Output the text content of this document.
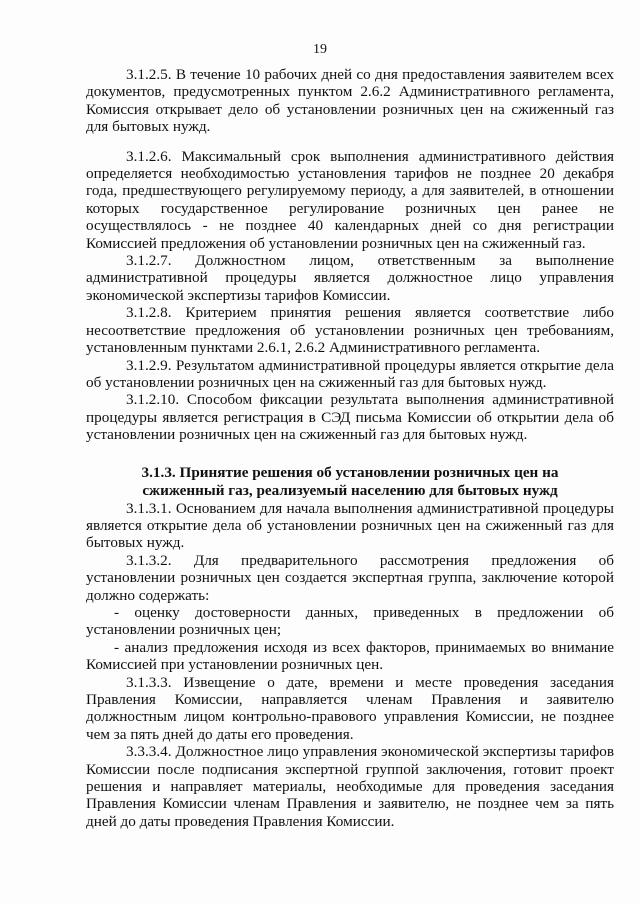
19

3.1.2.5. В течение 10 рабочих дней со дня предоставления заявителем всех документов, предусмотренных пунктом 2.6.2 Административного регламента, Комиссия открывает дело об установлении розничных цен на сжиженный газ для бытовых нужд.

3.1.2.6. Максимальный срок выполнения административного действия определяется необходимостью установления тарифов не позднее 20 декабря года, предшествующего регулируемому периоду, а для заявителей, в отношении которых государственное регулирование розничных цен ранее не осуществлялось - не позднее 40 календарных дней со дня регистрации Комиссией предложения об установлении розничных цен на сжиженный газ.

3.1.2.7. Должностном лицом, ответственным за выполнение административной процедуры является должностное лицо управления экономической экспертизы тарифов Комиссии.

3.1.2.8. Критерием принятия решения является соответствие либо несоответствие предложения об установлении розничных цен требованиям, установленным пунктами 2.6.1, 2.6.2 Административного регламента.

3.1.2.9. Результатом административной процедуры является открытие дела об установлении розничных цен на сжиженный газ для бытовых нужд.

3.1.2.10. Способом фиксации результата выполнения административной процедуры является регистрация в СЭД письма Комиссии об открытии дела об установлении розничных цен на сжиженный газ для бытовых нужд.

3.1.3. Принятие решения об установлении розничных цен на сжиженный газ, реализуемый населению для бытовых нужд

3.1.3.1. Основанием для начала выполнения административной процедуры является открытие дела об установлении розничных цен на сжиженный газ для бытовых нужд.

3.1.3.2. Для предварительного рассмотрения предложения об установлении розничных цен создается экспертная группа, заключение которой должно содержать:

- оценку достоверности данных, приведенных в предложении об установлении розничных цен;

- анализ предложения исходя из всех факторов, принимаемых во внимание Комиссией при установлении розничных цен.

3.1.3.3. Извещение о дате, времени и месте проведения заседания Правления Комиссии, направляется членам Правления и заявителю должностным лицом контрольно-правового управления Комиссии, не позднее чем за пять дней до даты его проведения.

3.3.3.4. Должностное лицо управления экономической экспертизы тарифов Комиссии после подписания экспертной группой заключения, готовит проект решения и направляет материалы, необходимые для проведения заседания Правления Комиссии членам Правления и заявителю, не позднее чем за пять дней до даты проведения Правления Комиссии.
